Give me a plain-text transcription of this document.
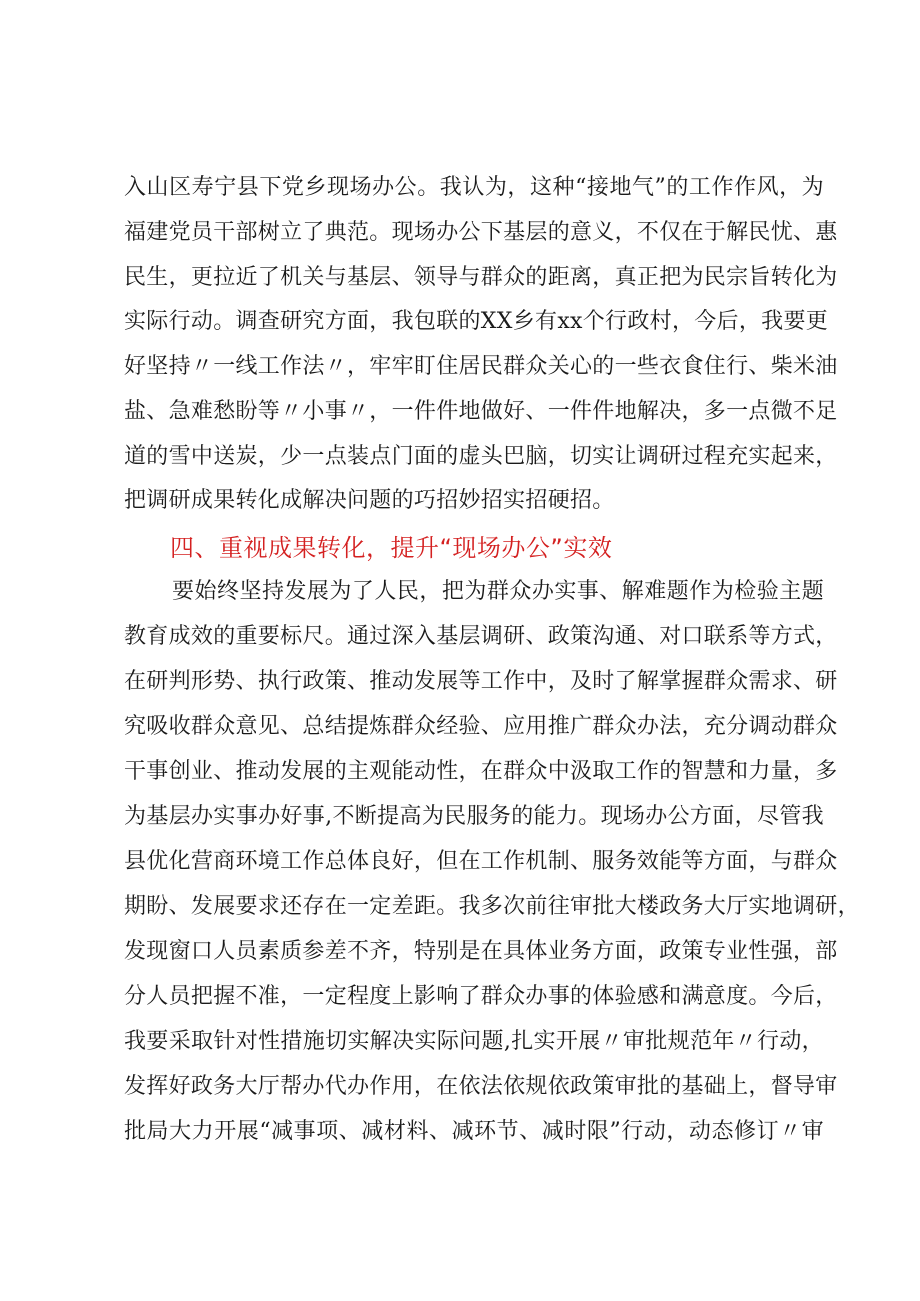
入山区寿宁县下党乡现场办公。我认为，这种“接地气”的工作作风，为
福建党员干部树立了典范。现场办公下基层的意义，不仅在于解民忧、惠
民生，更拉近了机关与基层、领导与群众的距离，真正把为民宗旨转化为
实际行动。调查研究方面，我包联的XX乡有xx个行政村，今后，我要更
好坚持〃一线工作法〃，牢牢盯住居民群众关心的一些衣食住行、柴米油
盐、急难愁盼等〃小事〃，一件件地做好、一件件地解决，多一点微不足
道的雪中送炭，少一点装点门面的虚头巴脑，切实让调研过程充实起来，
把调研成果转化成解决问题的巧招妙招实招硬招。
四、重视成果转化，提升“现场办公”实效
要始终坚持发展为了人民，把为群众办实事、解难题作为检验主题
教育成效的重要标尺。通过深入基层调研、政策沟通、对口联系等方式，
在研判形势、执行政策、推动发展等工作中，及时了解掌握群众需求、研
究吸收群众意见、总结提炼群众经验、应用推广群众办法，充分调动群众
干事创业、推动发展的主观能动性，在群众中汲取工作的智慧和力量，多
为基层办实事办好事,不断提高为民服务的能力。现场办公方面，尽管我
县优化营商环境工作总体良好，但在工作机制、服务效能等方面，与群众
期盼、发展要求还存在一定差距。我多次前往审批大楼政务大厅实地调研，
发现窗口人员素质参差不齐，特别是在具体业务方面，政策专业性强，部
分人员把握不准，一定程度上影响了群众办事的体验感和满意度。今后，
我要采取针对性措施切实解决实际问题,扎实开展〃审批规范年〃行动，
发挥好政务大厅帮办代办作用，在依法依规依政策审批的基础上，督导审
批局大力开展“减事项、减材料、减环节、减时限”行动，动态修订〃审
